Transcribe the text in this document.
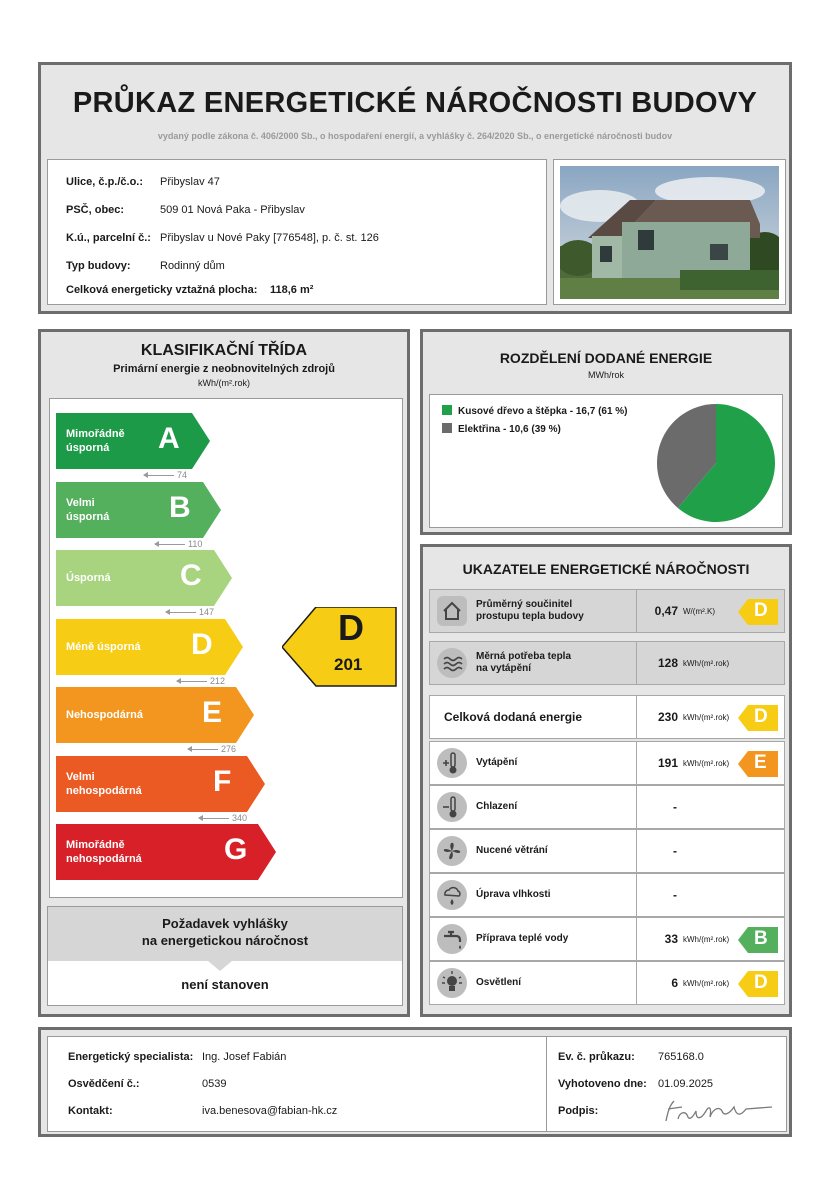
PRŮKAZ ENERGETICKÉ NÁROČNOSTI BUDOVY
vydaný podle zákona č. 406/2000 Sb., o hospodaření energií, a vyhlášky č. 264/2020 Sb., o energetické náročnosti budov
Ulice, č.p./č.o.: Přibyslav 47
PSČ, obec:	509 01 Nová Paka - Přibyslav
K.ú., parcelní č.: Přibyslav u Nové Paky [776548], p. č. st. 126
Typ budovy:	Rodinný dům
Celková energeticky vztažná plocha: 118,6 m²
KLASIFIKAČNÍ TŘÍDA
Primární energie z neobnovitelných zdrojů
kWh/(m².rok)
Mimořádně
úsporná	A
74
Velmi
úsporná B
110
Úsporná C
147
Méně úsporná D
212
Nehospodárná E
276
Velmi
nehospodárná F
340
Mimořádně
nehospodárná	G
D
201
Požadavek vyhlášky
na energetickou náročnost
není stanoven
ROZDĚLENÍ DODANÉ ENERGIE
MWh/rok
Kusové dřevo a štěpka - 16,7 (61 %)
Elektřina - 10,6 (39 %)
UKAZATELE ENERGETICKÉ NÁROČNOSTI
Průměrný součinitel
prostupu tepla budovy	0,47 W/(m².K) D
Měrná potřeba tepla
na vytápění	128 kWh/(m².rok)
Celková dodaná energie	230 kWh/(m².rok) D
Vytápění	191 kWh/(m².rok) E
Chlazení	-
Nucené větrání	-
Úprava vlhkosti	-
Příprava teplé vody	33 kWh/(m².rok) B
Osvětlení	6 kWh/(m².rok) D
Energetický specialista: Ing. Josef Fabián
Osvědčení č.:	0539
Kontakt:	iva.benesova@fabian-hk.cz
Ev. č. průkazu: 765168.0
Vyhotoveno dne: 01.09.2025
Podpis:
